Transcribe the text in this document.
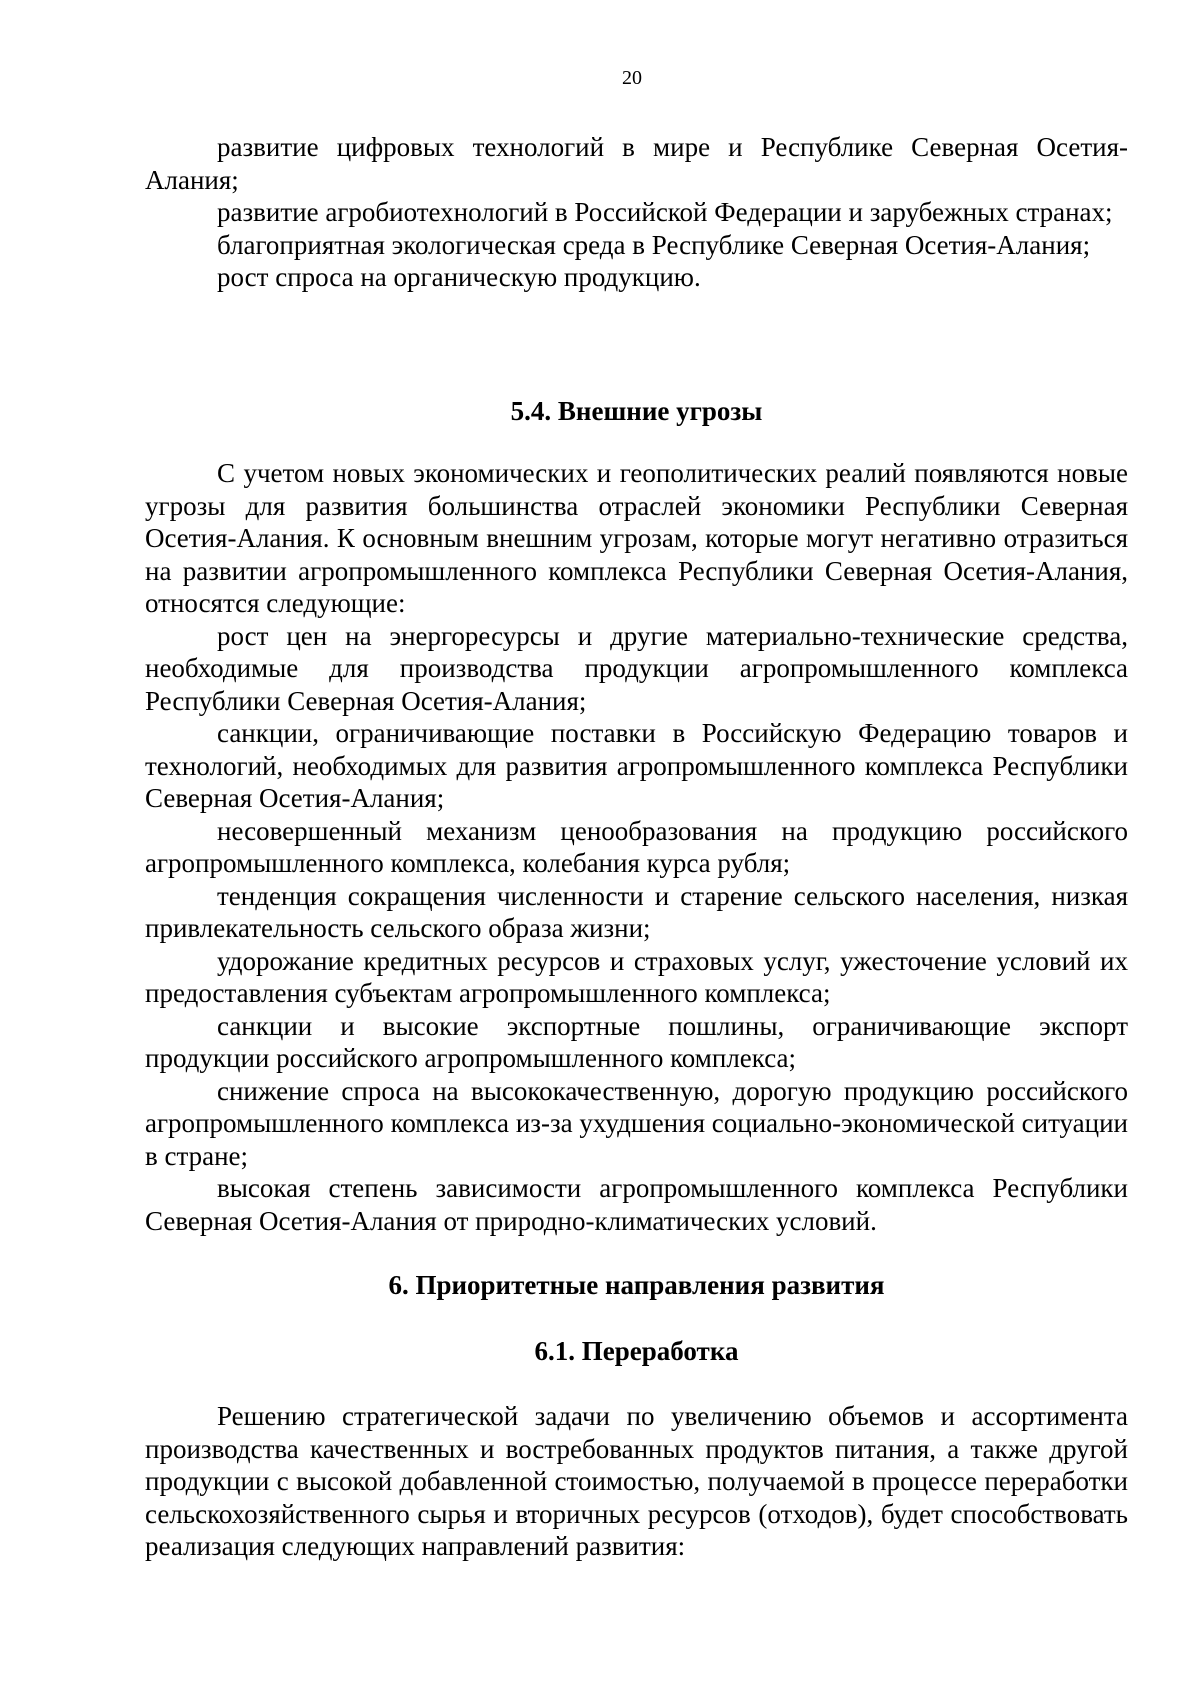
20

развитие цифровых технологий в мире и Республике Северная Осетия-Алания;

развитие агробиотехнологий в Российской Федерации и зарубежных странах;

благоприятная экологическая среда в Республике Северная Осетия-Алания;

рост спроса на органическую продукцию.

5.4. Внешние угрозы

С учетом новых экономических и геополитических реалий появляются новые угрозы для развития большинства отраслей экономики Республики Северная Осетия-Алания. К основным внешним угрозам, которые могут негативно отразиться на развитии агропромышленного комплекса Республики Северная Осетия-Алания, относятся следующие:

рост цен на энергоресурсы и другие материально-технические средства, необходимые для производства продукции агропромышленного комплекса Республики Северная Осетия-Алания;

санкции, ограничивающие поставки в Российскую Федерацию товаров и технологий, необходимых для развития агропромышленного комплекса Республики Северная Осетия-Алания;

несовершенный механизм ценообразования на продукцию российского агропромышленного комплекса, колебания курса рубля;

тенденция сокращения численности и старение сельского населения, низкая привлекательность сельского образа жизни;

удорожание кредитных ресурсов и страховых услуг, ужесточение условий их предоставления субъектам агропромышленного комплекса;

санкции и высокие экспортные пошлины, ограничивающие экспорт продукции российского агропромышленного комплекса;

снижение спроса на высококачественную, дорогую продукцию российского агропромышленного комплекса из-за ухудшения социально-экономической ситуации в стране;

высокая степень зависимости агропромышленного комплекса Республики Северная Осетия-Алания от природно-климатических условий.

6. Приоритетные направления развития
6.1. Переработка

Решению стратегической задачи по увеличению объемов и ассортимента производства качественных и востребованных продуктов питания, а также другой продукции с высокой добавленной стоимостью, получаемой в процессе переработки сельскохозяйственного сырья и вторичных ресурсов (отходов), будет способствовать реализация следующих направлений развития:
